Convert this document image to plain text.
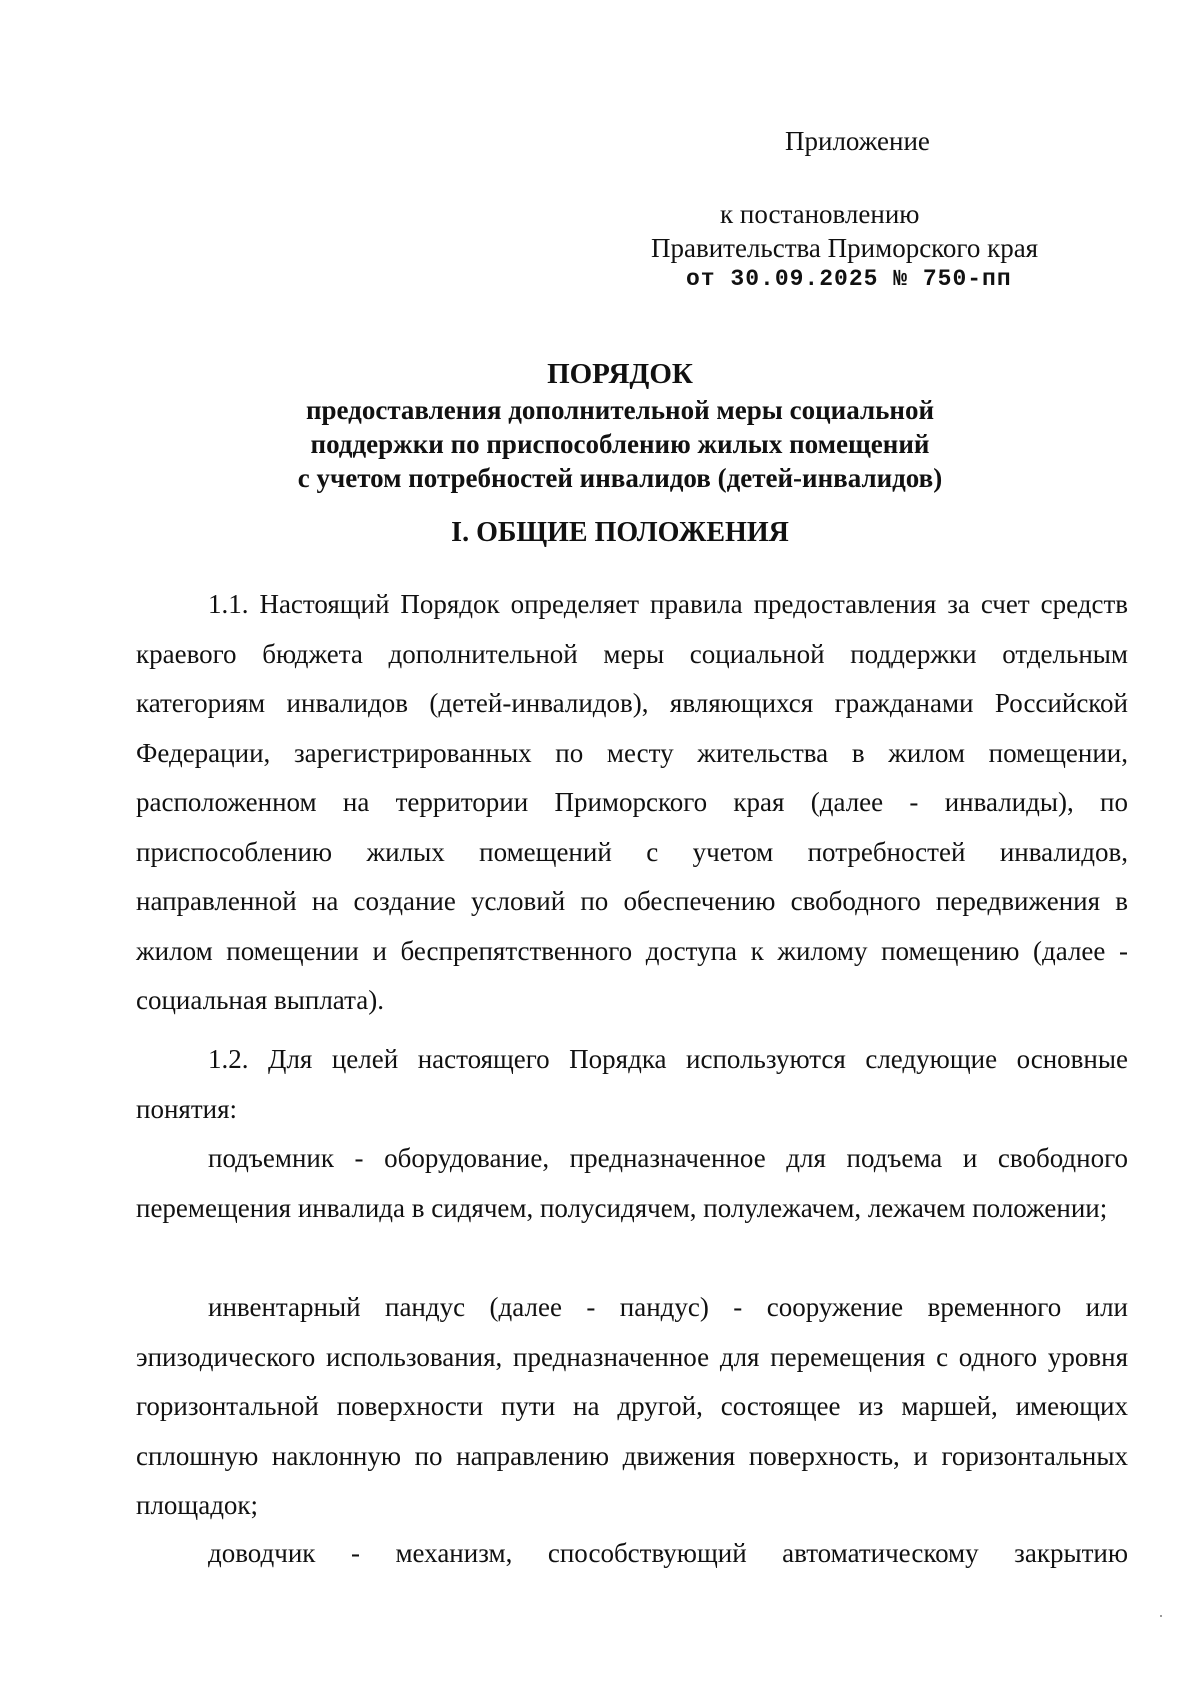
Приложение
к постановлению
Правительства Приморского края
от 30.09.2025 № 750-пп
ПОРЯДОК
предоставления дополнительной меры социальной
поддержки по приспособлению жилых помещений
с учетом потребностей инвалидов (детей-инвалидов)
I. ОБЩИЕ ПОЛОЖЕНИЯ

1.1. Настоящий Порядок определяет правила предоставления за счет средств краевого бюджета дополнительной меры социальной поддержки отдельным категориям инвалидов (детей-инвалидов), являющихся гражданами Российской Федерации, зарегистрированных по месту жительства в жилом помещении, расположенном на территории Приморского края (далее - инвалиды), по приспособлению жилых помещений с учетом потребностей инвалидов, направленной на создание условий по обеспечению свободного передвижения в жилом помещении и беспрепятственного доступа к жилому помещению (далее - социальная выплата).

1.2. Для целей настоящего Порядка используются следующие основные понятия:

подъемник - оборудование, предназначенное для подъема и свободного перемещения инвалида в сидячем, полусидячем, полулежачем, лежачем положении;

инвентарный пандус (далее - пандус) - сооружение временного или эпизодического использования, предназначенное для перемещения с одного уровня горизонтальной поверхности пути на другой, состоящее из маршей, имеющих сплошную наклонную по направлению движения поверхность, и горизонтальных площадок;

доводчик - механизм, способствующий автоматическому закрытию
